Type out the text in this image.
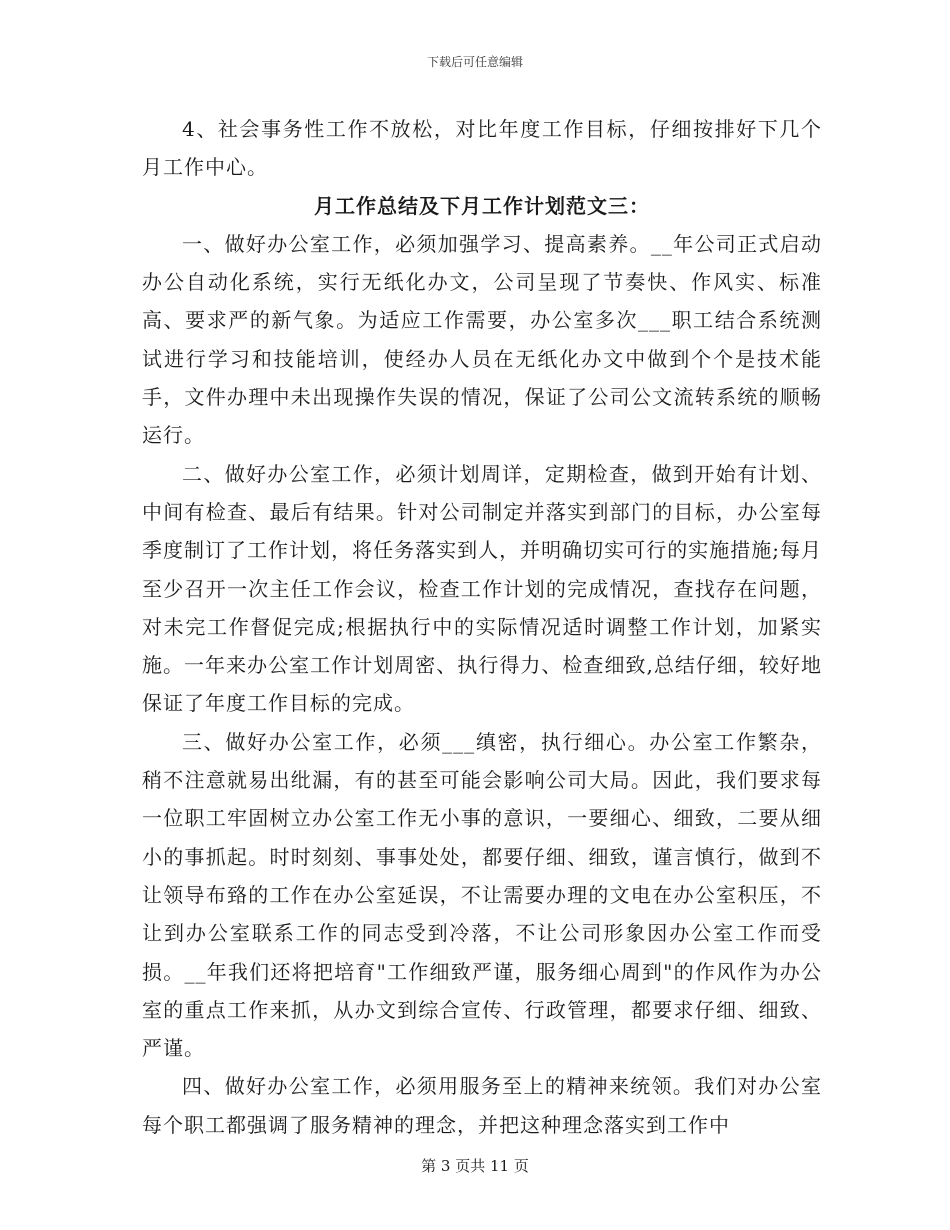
下载后可任意编辑

4、社会事务性工作不放松，对比年度工作目标，仔细按排好下几个月工作中心。

月工作总结及下月工作计划范文三：

一、做好办公室工作，必须加强学习、提高素养。__年公司正式启动办公自动化系统，实行无纸化办文，公司呈现了节奏快、作风实、标准高、要求严的新气象。为适应工作需要，办公室多次___职工结合系统测试进行学习和技能培训，使经办人员在无纸化办文中做到个个是技术能手，文件办理中未出现操作失误的情况，保证了公司公文流转系统的顺畅运行。

二、做好办公室工作，必须计划周详，定期检查，做到开始有计划、中间有检查、最后有结果。针对公司制定并落实到部门的目标，办公室每季度制订了工作计划，将任务落实到人，并明确切实可行的实施措施;每月至少召开一次主任工作会议，检查工作计划的完成情况，查找存在问题，对未完工作督促完成;根据执行中的实际情况适时调整工作计划，加紧实施。一年来办公室工作计划周密、执行得力、检查细致,总结仔细，较好地保证了年度工作目标的完成。

三、做好办公室工作，必须___缜密，执行细心。办公室工作繁杂，稍不注意就易出纰漏，有的甚至可能会影响公司大局。因此，我们要求每一位职工牢固树立办公室工作无小事的意识，一要细心、细致，二要从细小的事抓起。时时刻刻、事事处处，都要仔细、细致，谨言慎行，做到不让领导布臵的工作在办公室延误，不让需要办理的文电在办公室积压，不让到办公室联系工作的同志受到冷落，不让公司形象因办公室工作而受损。__年我们还将把培育"工作细致严谨，服务细心周到"的作风作为办公室的重点工作来抓，从办文到综合宣传、行政管理，都要求仔细、细致、严谨。

四、做好办公室工作，必须用服务至上的精神来统领。我们对办公室每个职工都强调了服务精神的理念，并把这种理念落实到工作中

第 3 页共 11 页
